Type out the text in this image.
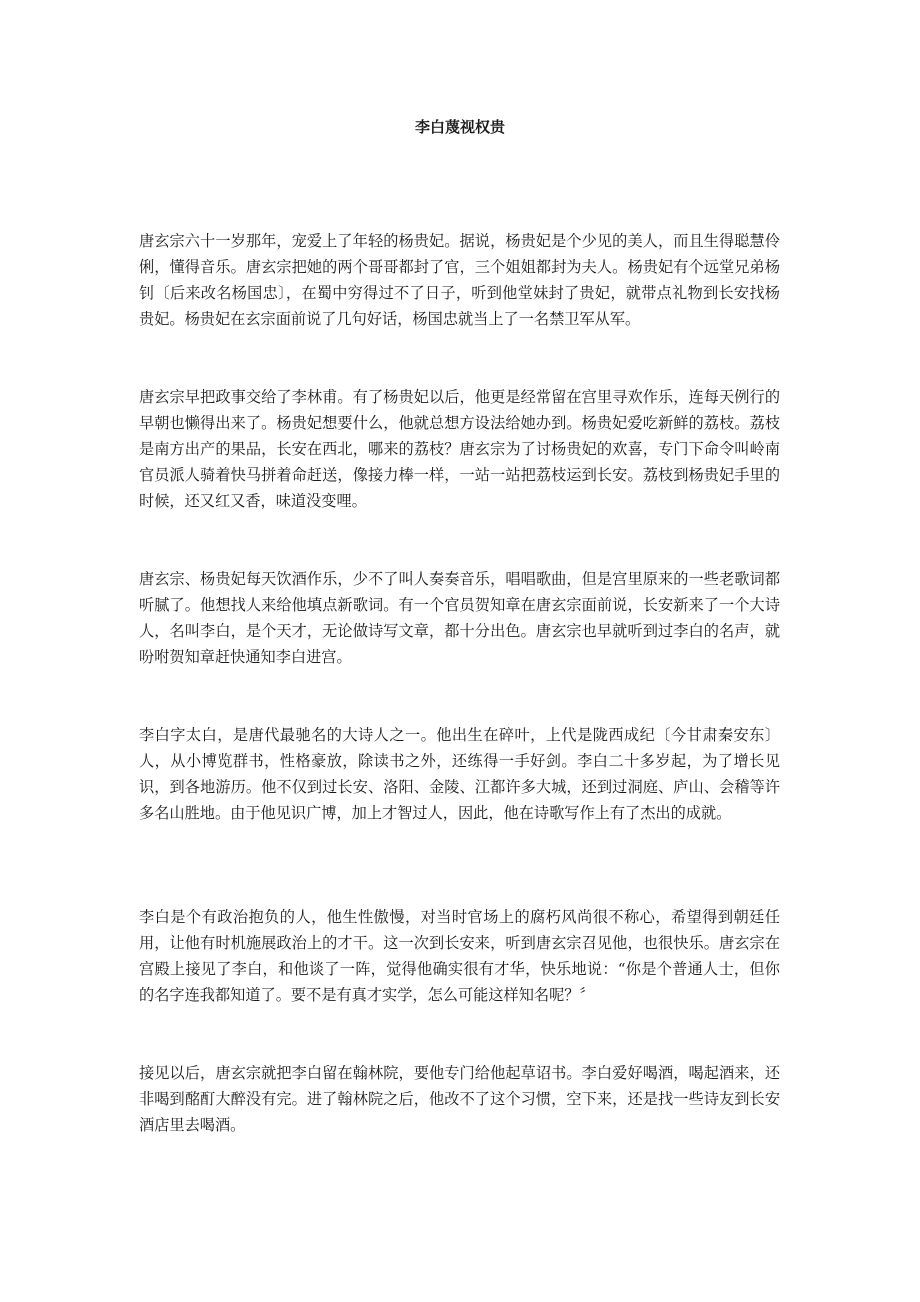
李白蔑视权贵

唐玄宗六十一岁那年，宠爱上了年轻的杨贵妃。据说，杨贵妃是个少见的美人，而且生得聪慧伶俐，懂得音乐。唐玄宗把她的两个哥哥都封了官，三个姐姐都封为夫人。杨贵妃有个远堂兄弟杨钊〔后来改名杨国忠〕，在蜀中穷得过不了日子，听到他堂妹封了贵妃，就带点礼物到长安找杨贵妃。杨贵妃在玄宗面前说了几句好话，杨国忠就当上了一名禁卫军从军。

唐玄宗早把政事交给了李林甫。有了杨贵妃以后，他更是经常留在宫里寻欢作乐，连每天例行的早朝也懒得出来了。杨贵妃想要什么，他就总想方设法给她办到。杨贵妃爱吃新鲜的荔枝。荔枝是南方出产的果品，长安在西北，哪来的荔枝？唐玄宗为了讨杨贵妃的欢喜，专门下命令叫岭南官员派人骑着快马拼着命赶送，像接力棒一样，一站一站把荔枝运到长安。荔枝到杨贵妃手里的时候，还又红又香，味道没变哩。

唐玄宗、杨贵妃每天饮酒作乐，少不了叫人奏奏音乐，唱唱歌曲，但是宫里原来的一些老歌词都听腻了。他想找人来给他填点新歌词。有一个官员贺知章在唐玄宗面前说，长安新来了一个大诗人，名叫李白，是个天才，无论做诗写文章，都十分出色。唐玄宗也早就听到过李白的名声，就吩咐贺知章赶快通知李白进宫。

李白字太白，是唐代最驰名的大诗人之一。他出生在碎叶，上代是陇西成纪〔今甘肃秦安东〕人，从小博览群书，性格豪放，除读书之外，还练得一手好剑。李白二十多岁起，为了增长见识，到各地游历。他不仅到过长安、洛阳、金陵、江都许多大城，还到过洞庭、庐山、会稽等许多名山胜地。由于他见识广博，加上才智过人，因此，他在诗歌写作上有了杰出的成就。

李白是个有政治抱负的人，他生性傲慢，对当时官场上的腐朽风尚很不称心，希望得到朝廷任用，让他有时机施展政治上的才干。这一次到长安来，听到唐玄宗召见他，也很快乐。唐玄宗在宫殿上接见了李白，和他谈了一阵，觉得他确实很有才华，快乐地说：“你是个普通人士，但你的名字连我都知道了。要不是有真才实学，怎么可能这样知名呢？〞

接见以后，唐玄宗就把李白留在翰林院，要他专门给他起草诏书。李白爱好喝酒，喝起酒来，还非喝到酩酊大醉没有完。进了翰林院之后，他改不了这个习惯，空下来，还是找一些诗友到长安酒店里去喝酒。
